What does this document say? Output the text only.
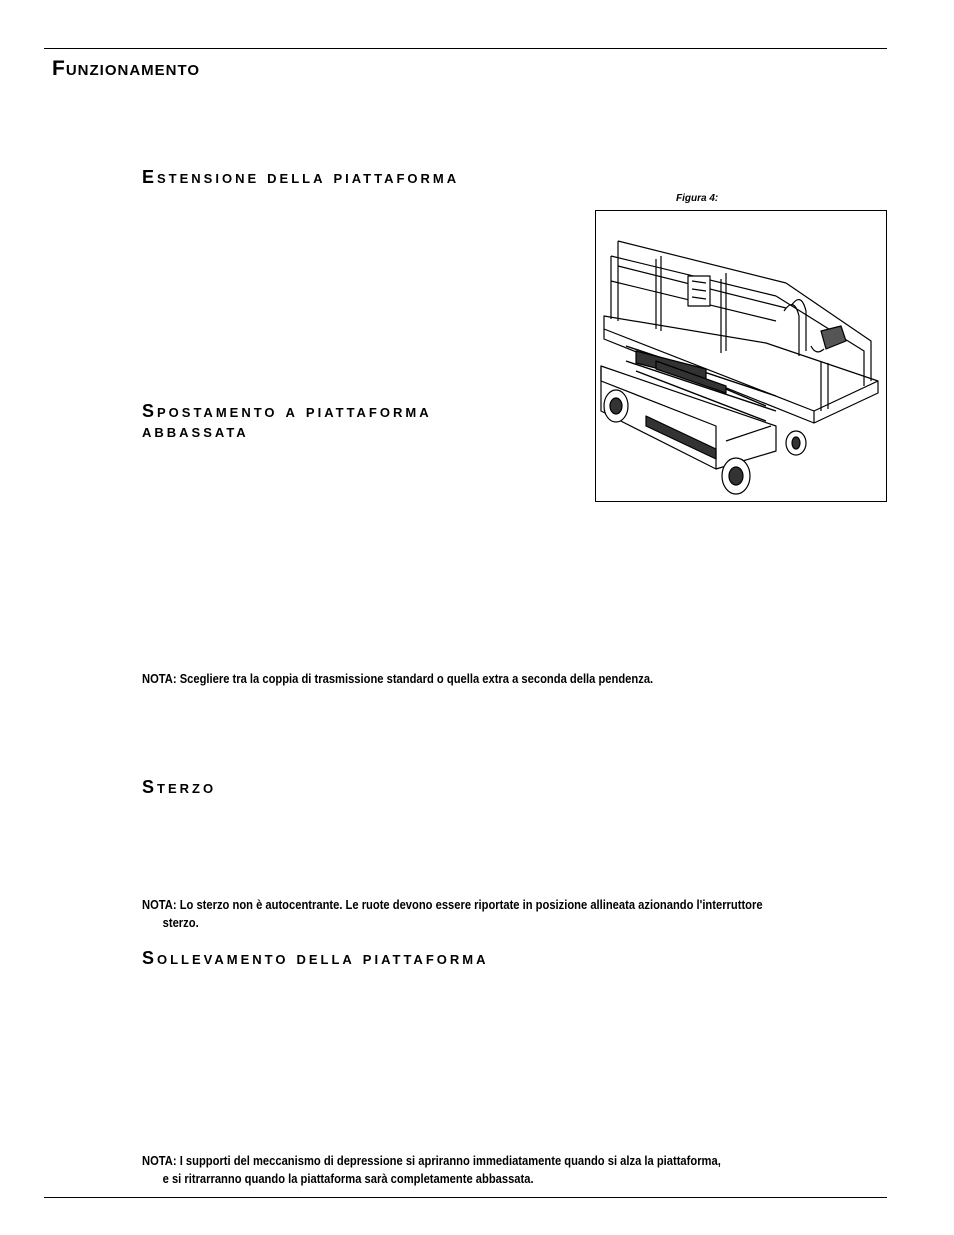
Funzionamento
Estensione della piattaforma
Figura 4:
Spostamento a piattaforma
abbassata
NOTA: Scegliere tra la coppia di trasmissione standard o quella extra a seconda della pendenza.
Sterzo
NOTA: Lo sterzo non è autocentrante. Le ruote devono essere riportate in posizione allineata azionando l'interruttore
sterzo.
Sollevamento della piattaforma
NOTA: I supporti del meccanismo di depressione si apriranno immediatamente quando si alza la piattaforma,
e si ritrarranno quando la piattaforma sarà completamente abbassata.
